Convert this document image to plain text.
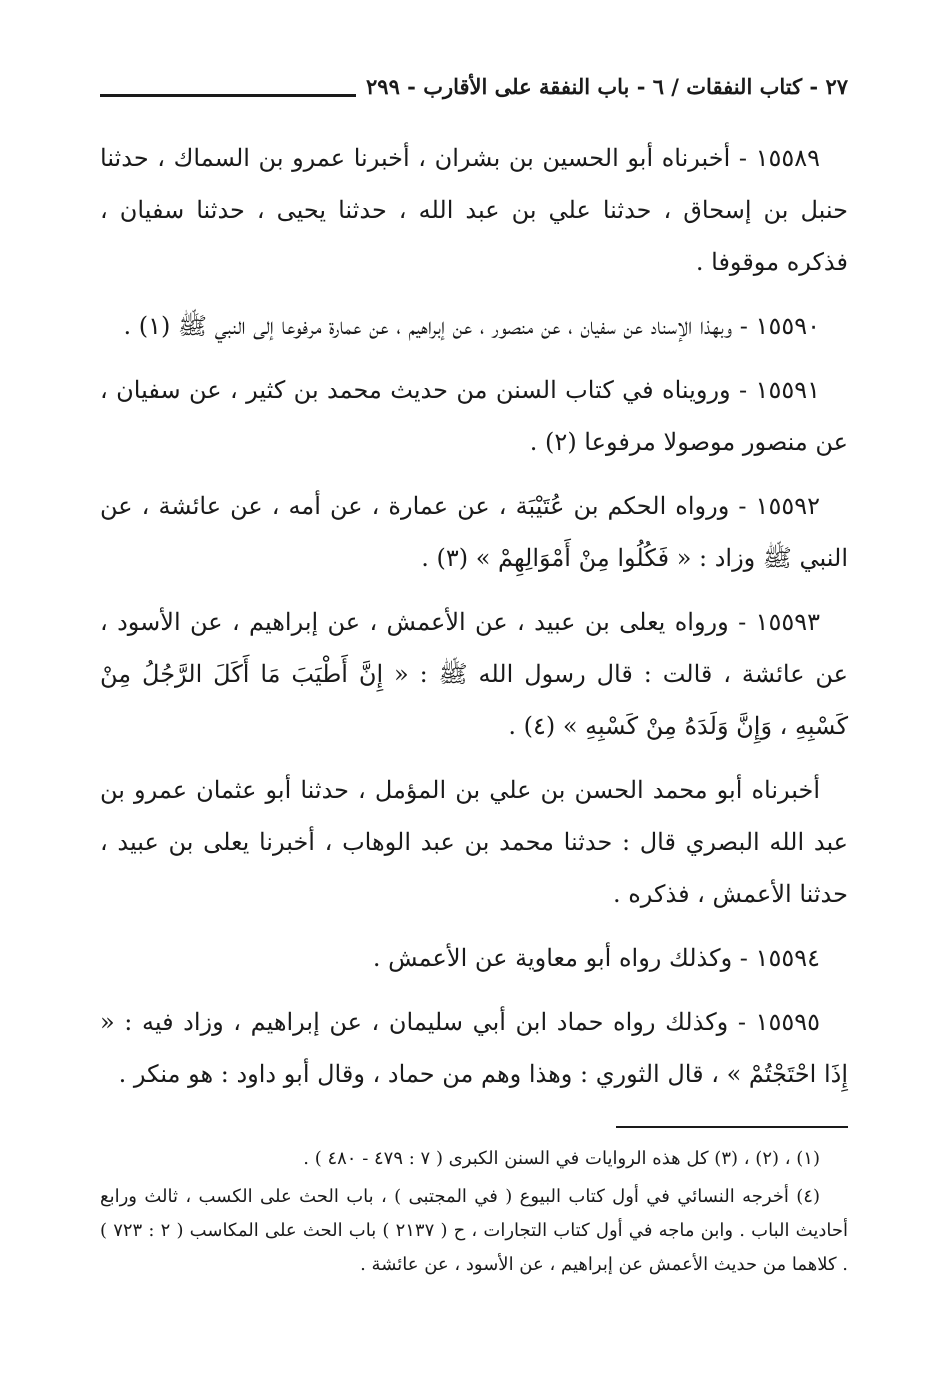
٢٧ - كتاب النفقات / ٦ - باب النفقة على الأقارب - ٢٩٩

١٥٥٨٩ - أخبرناه أبو الحسين بن بشران ، أخبرنا عمرو بن السماك ، حدثنا حنبل بن إسحاق ، حدثنا علي بن عبد الله ، حدثنا يحيى ، حدثنا سفيان ، فذكره موقوفا .

١٥٥٩٠ - وبهذا الإسناد عن سفيان ، عن منصور ، عن إبراهيم ، عن عمارة مرفوعا إلى النبي ﷺ (١) .

١٥٥٩١ - ورويناه في كتاب السنن من حديث محمد بن كثير ، عن سفيان ، عن منصور موصولا مرفوعا (٢) .

١٥٥٩٢ - ورواه الحكم بن عُتَيْبَة ، عن عمارة ، عن أمه ، عن عائشة ، عن النبي ﷺ وزاد : « فَكُلُوا مِنْ أَمْوَالِهِمْ » (٣) .

١٥٥٩٣ - ورواه يعلى بن عبيد ، عن الأعمش ، عن إبراهيم ، عن الأسود ، عن عائشة ، قالت : قال رسول الله ﷺ : « إِنَّ أَطْيَبَ مَا أَكَلَ الرَّجُلُ مِنْ كَسْبِهِ ، وَإِنَّ وَلَدَهُ مِنْ كَسْبِهِ » (٤) .

أخبرناه أبو محمد الحسن بن علي بن المؤمل ، حدثنا أبو عثمان عمرو بن عبد الله البصري قال : حدثنا محمد بن عبد الوهاب ، أخبرنا يعلى بن عبيد ، حدثنا الأعمش ، فذكره .

١٥٥٩٤ - وكذلك رواه أبو معاوية عن الأعمش .

١٥٥٩٥ - وكذلك رواه حماد ابن أبي سليمان ، عن إبراهيم ، وزاد فيه : « إِذَا احْتَجْتُمْ » ، قال الثوري : وهذا وهم من حماد ، وقال أبو داود : هو منكر .

(١) ، (٢) ، (٣) كل هذه الروايات في السنن الكبرى ( ٧ : ٤٧٩ - ٤٨٠ ) .

(٤) أخرجه النسائي في أول كتاب البيوع ( في المجتبى ) ، باب الحث على الكسب ، ثالث ورابع أحاديث الباب . وابن ماجه في أول كتاب التجارات ، ح ( ٢١٣٧ ) باب الحث على المكاسب ( ٢ : ٧٢٣ ) . كلاهما من حديث الأعمش عن إبراهيم ، عن الأسود ، عن عائشة .
